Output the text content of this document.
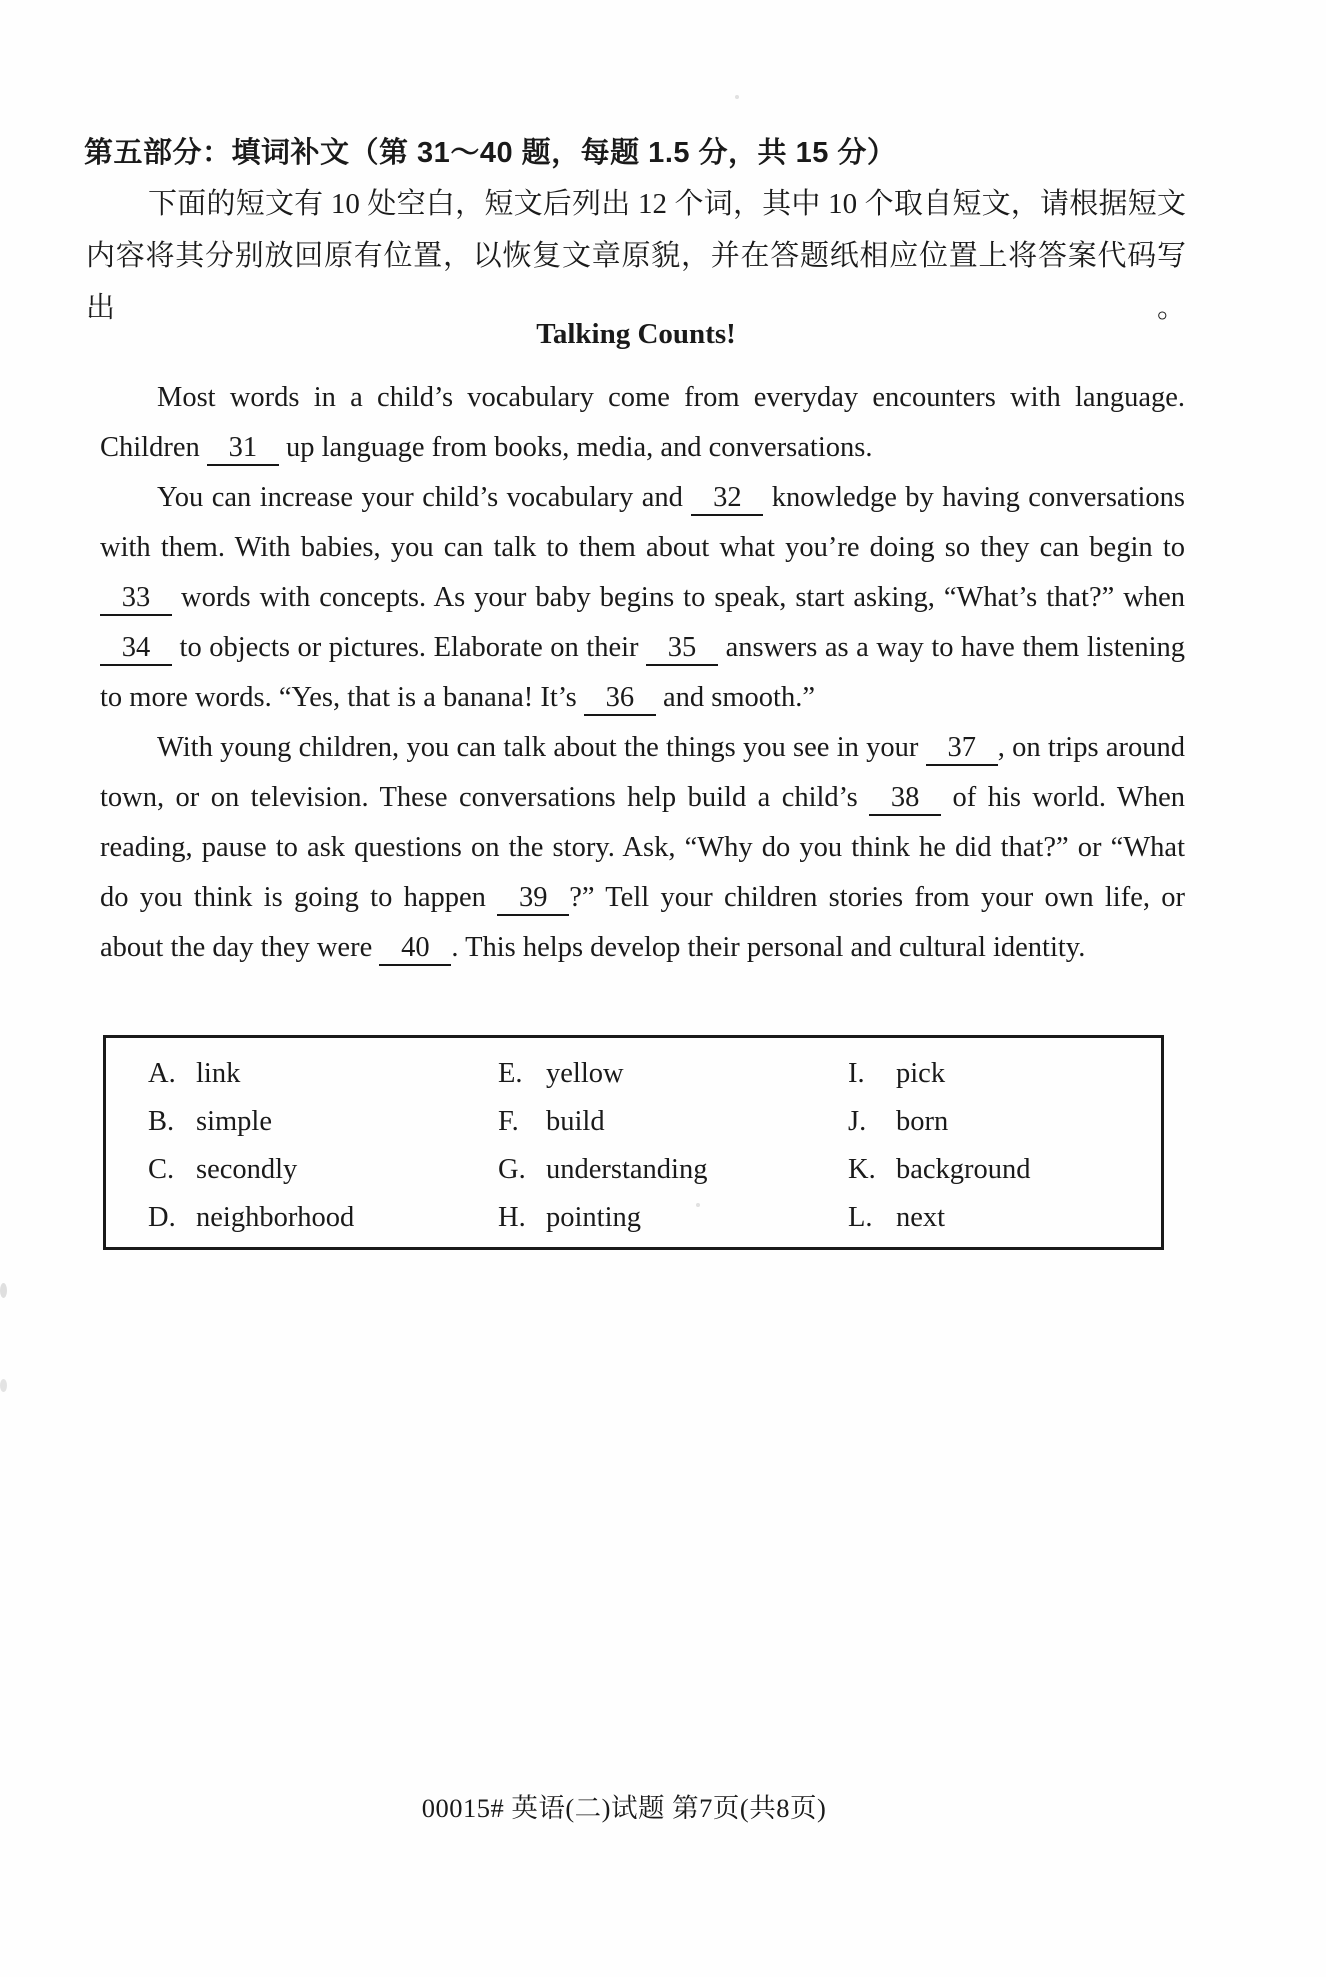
第五部分：填词补文（第 31～40 题，每题 1.5 分，共 15 分）
下面的短文有 10 处空白，短文后列出 12 个词，其中 10 个取自短文，请根据短文
内容将其分别放回原有位置，以恢复文章原貌，并在答题纸相应位置上将答案代码写出。
Talking Counts!

Most words in a child’s vocabulary come from everyday encounters with language. Children 31 up language from books, media, and conversations.

You can increase your child’s vocabulary and 32 knowledge by having conversations with them. With babies, you can talk to them about what you’re doing so they can begin to 33 words with concepts. As your baby begins to speak, start asking, “What’s that?” when 34 to objects or pictures. Elaborate on their 35 answers as a way to have them listening to more words. “Yes, that is a banana! It’s 36 and smooth.”

With young children, you can talk about the things you see in your 37 , on trips around town, or on television. These conversations help build a child’s 38 of his world. When reading, pause to ask questions on the story. Ask, “Why do you think he did that?” or “What do you think is going to happen 39 ?” Tell your children stories from your own life, or about the day they were 40 . This helps develop their personal and cultural identity.

A. link
B. simple
C. secondly
D. neighborhood
E. yellow
F. build
G. understanding
H. pointing
I. pick
J. born
K. background
L. next
00015# 英语(二)试题 第7页(共8页)
